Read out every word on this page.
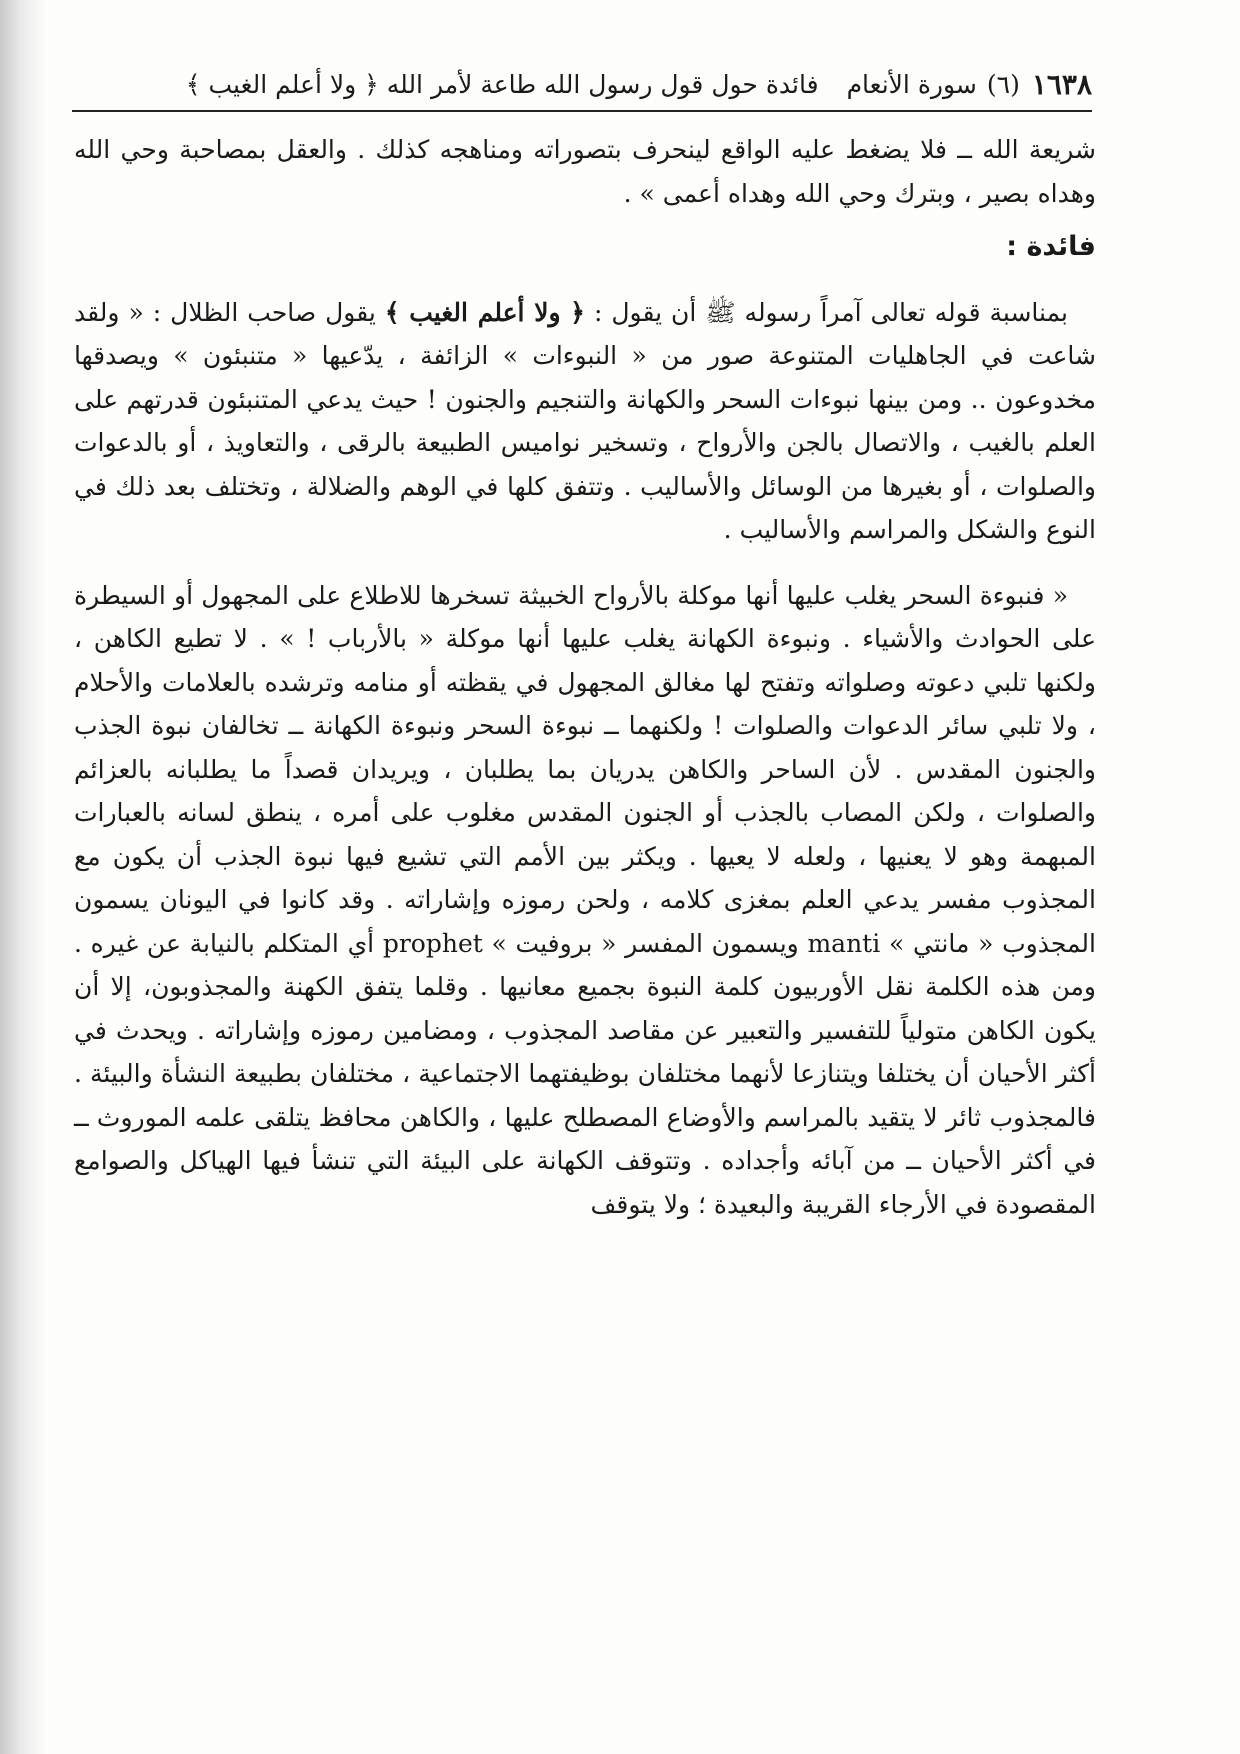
١٦٣٨
(٦)
سورة الأنعام
فائدة حول قول رسول الله طاعة لأمر الله ﴿ ولا أعلم الغيب ﴾

شريعة الله ــ فلا يضغط عليه الواقع لينحرف بتصوراته ومناهجه كذلك . والعقل بمصاحبة وحي الله وهداه بصير ، وبترك وحي الله وهداه أعمى » .

فائدة :

بمناسبة قوله تعالى آمراً رسوله ﷺ أن يقول : ﴿ ولا أعلم الغيب ﴾ يقول صاحب الظلال : « ولقد شاعت في الجاهليات المتنوعة صور من « النبوءات » الزائفة ، يدّعيها « متنبئون » ويصدقها مخدوعون .. ومن بينها نبوءات السحر والكهانة والتنجيم والجنون ! حيث يدعي المتنبئون قدرتهم على العلم بالغيب ، والاتصال بالجن والأرواح ، وتسخير نواميس الطبيعة بالرقى ، والتعاويذ ، أو بالدعوات والصلوات ، أو بغيرها من الوسائل والأساليب . وتتفق كلها في الوهم والضلالة ، وتختلف بعد ذلك في النوع والشكل والمراسم والأساليب .

« فنبوءة السحر يغلب عليها أنها موكلة بالأرواح الخبيثة تسخرها للاطلاع على المجهول أو السيطرة على الحوادث والأشياء . ونبوءة الكهانة يغلب عليها أنها موكلة « بالأرباب ! » . لا تطيع الكاهن ، ولكنها تلبي دعوته وصلواته وتفتح لها مغالق المجهول في يقظته أو منامه وترشده بالعلامات والأحلام ، ولا تلبي سائر الدعوات والصلوات ! ولكنهما ــ نبوءة السحر ونبوءة الكهانة ــ تخالفان نبوة الجذب والجنون المقدس . لأن الساحر والكاهن يدريان بما يطلبان ، ويريدان قصداً ما يطلبانه بالعزائم والصلوات ، ولكن المصاب بالجذب أو الجنون المقدس مغلوب على أمره ، ينطق لسانه بالعبارات المبهمة وهو لا يعنيها ، ولعله لا يعيها . ويكثر بين الأمم التي تشيع فيها نبوة الجذب أن يكون مع المجذوب مفسر يدعي العلم بمغزى كلامه ، ولحن رموزه وإشاراته . وقد كانوا في اليونان يسمون المجذوب « مانتي » manti ويسمون المفسر « بروفيت » prophet أي المتكلم بالنيابة عن غيره . ومن هذه الكلمة نقل الأوربيون كلمة النبوة بجميع معانيها . وقلما يتفق الكهنة والمجذوبون، إلا أن يكون الكاهن متولياً للتفسير والتعبير عن مقاصد المجذوب ، ومضامين رموزه وإشاراته . ويحدث في أكثر الأحيان أن يختلفا ويتنازعا لأنهما مختلفان بوظيفتهما الاجتماعية ، مختلفان بطبيعة النشأة والبيئة . فالمجذوب ثائر لا يتقيد بالمراسم والأوضاع المصطلح عليها ، والكاهن محافظ يتلقى علمه الموروث ــ في أكثر الأحيان ــ من آبائه وأجداده . وتتوقف الكهانة على البيئة التي تنشأ فيها الهياكل والصوامع المقصودة في الأرجاء القريبة والبعيدة ؛ ولا يتوقف
